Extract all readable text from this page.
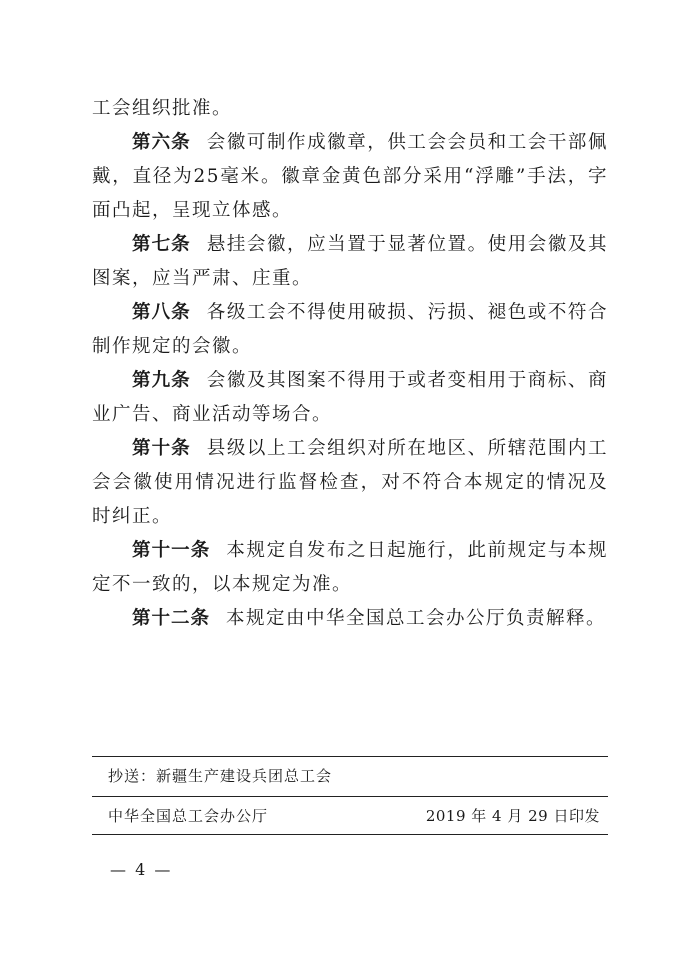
工会组织批准。

第六条 会徽可制作成徽章，供工会会员和工会干部佩戴，直径为25毫米。徽章金黄色部分采用“浮雕”手法，字面凸起，呈现立体感。

第七条 悬挂会徽，应当置于显著位置。使用会徽及其图案，应当严肃、庄重。

第八条 各级工会不得使用破损、污损、褪色或不符合制作规定的会徽。

第九条 会徽及其图案不得用于或者变相用于商标、商业广告、商业活动等场合。

第十条 县级以上工会组织对所在地区、所辖范围内工会会徽使用情况进行监督检查，对不符合本规定的情况及时纠正。

第十一条 本规定自发布之日起施行，此前规定与本规定不一致的，以本规定为准。

第十二条 本规定由中华全国总工会办公厅负责解释。

抄送：新疆生产建设兵团总工会
中华全国总工会办公厅	2019 年 4 月 29 日印发
— 4 —
